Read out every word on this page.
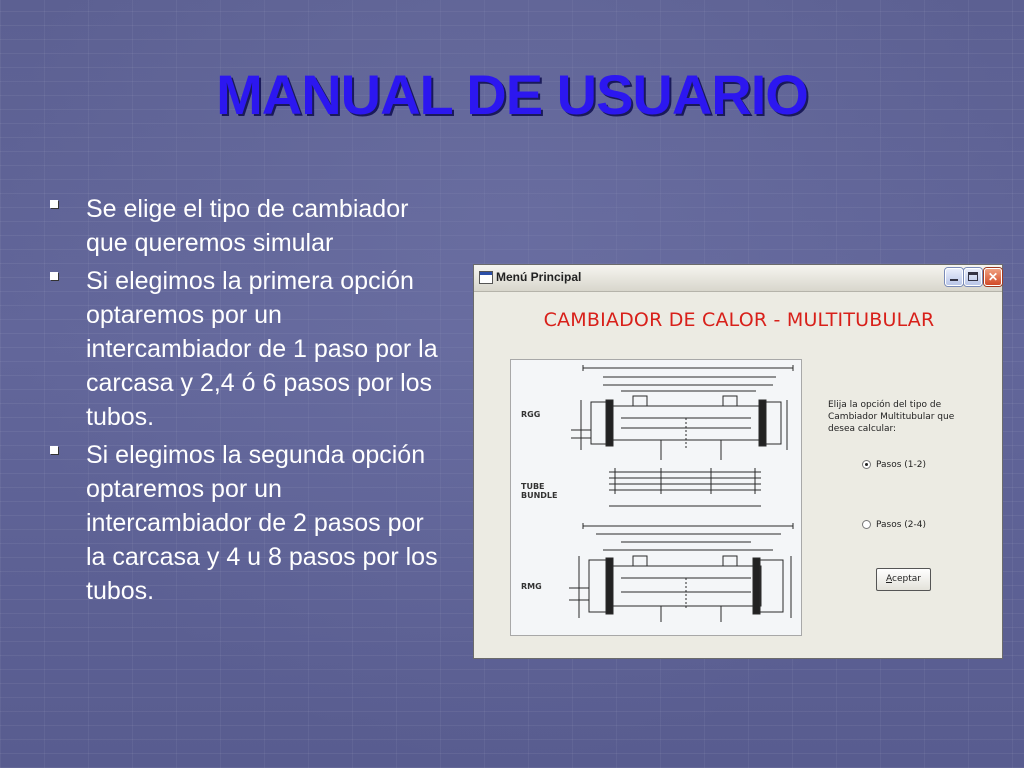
MANUAL DE USUARIO
Se elige el tipo de cambiador que queremos simular
Si elegimos la primera opción optaremos por un intercambiador de 1 paso por la carcasa y 2,4 ó 6 pasos por los tubos.
Si elegimos la segunda opción optaremos por un intercambiador de 2 pasos por la carcasa y 4 u 8 pasos por los tubos.
Menú Principal	✕
CAMBIADOR DE CALOR - MULTITUBULAR
RGG
TUBE BUNDLE
RMG
Elija la opción del tipo de Cambiador Multitubular que desea calcular:
Pasos (1-2)
Pasos (2-4)
Aceptar
